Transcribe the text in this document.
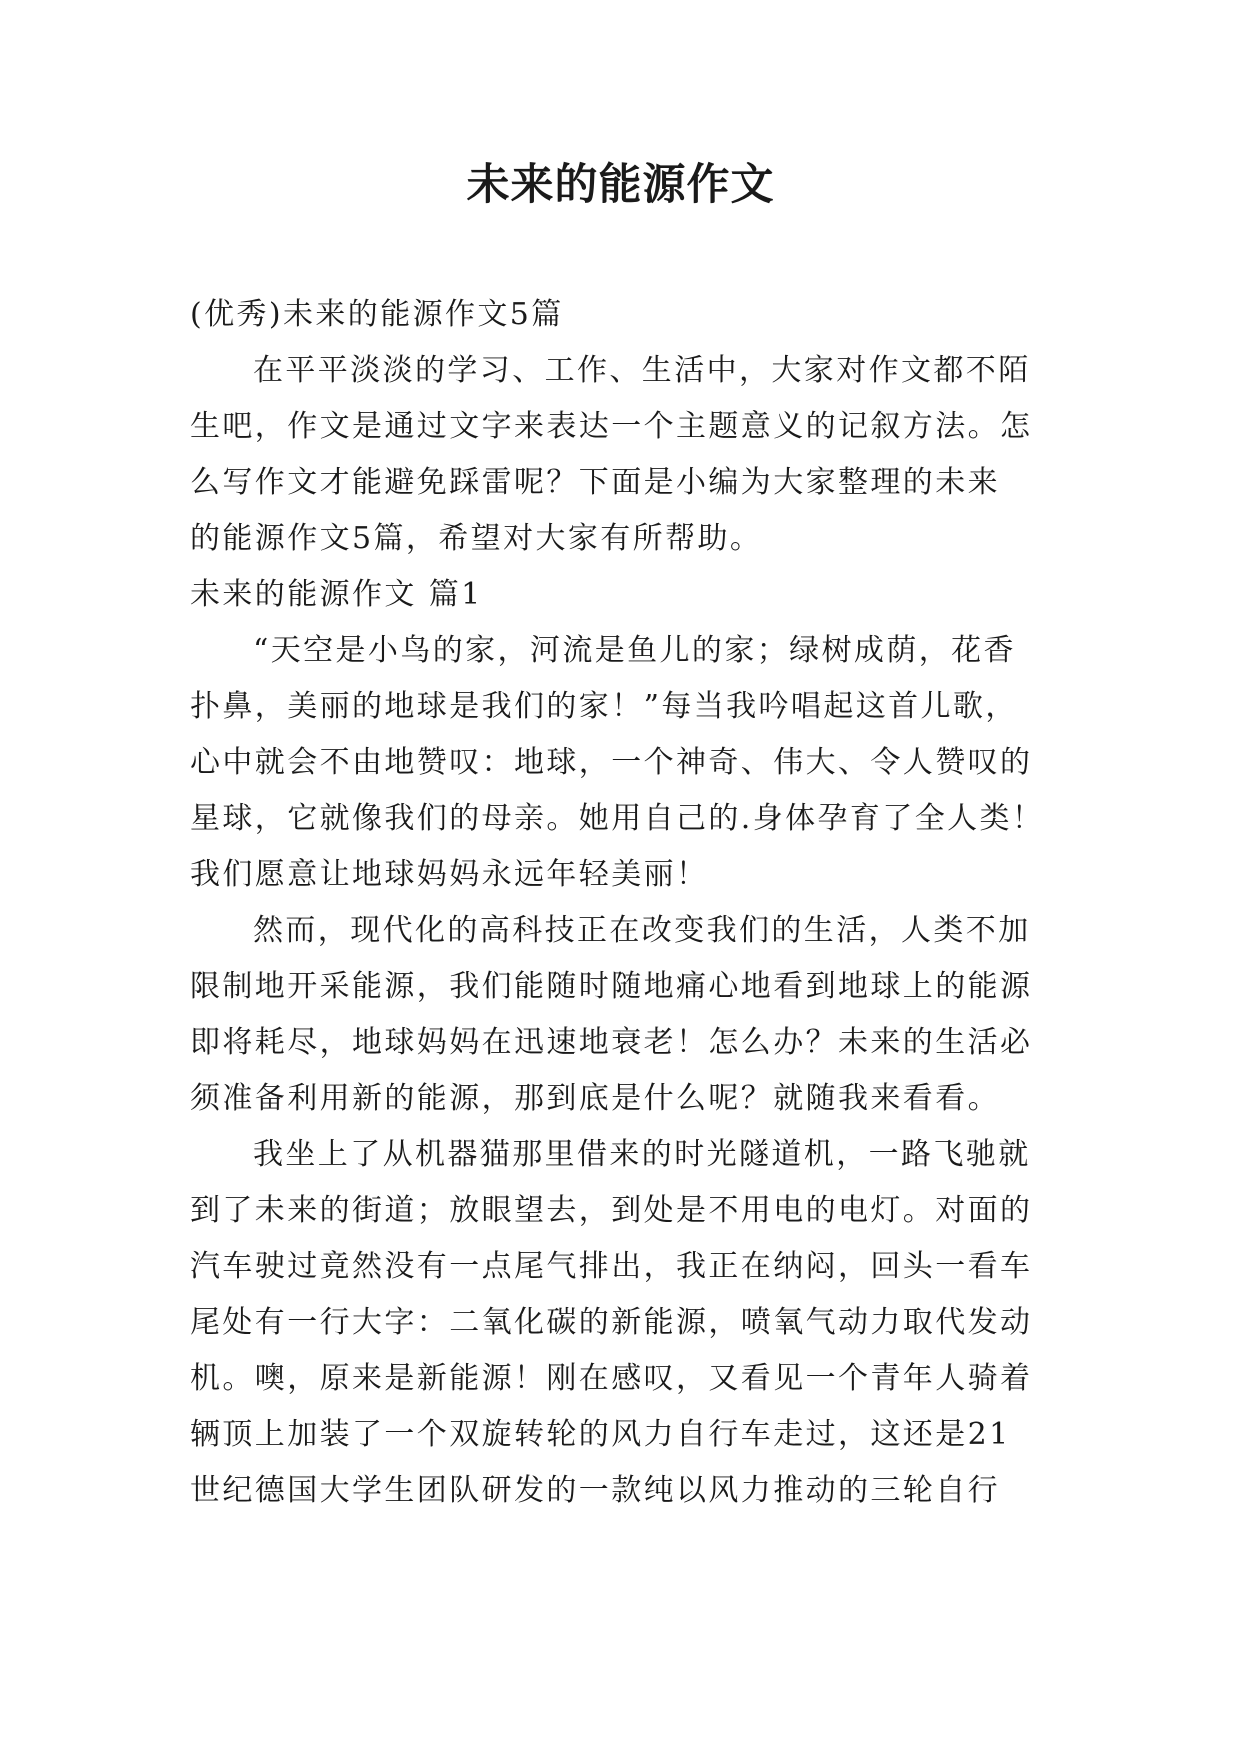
未来的能源作文
(优秀)未来的能源作文5篇
在平平淡淡的学习、工作、生活中，大家对作文都不陌
生吧，作文是通过文字来表达一个主题意义的记叙方法。怎
么写作文才能避免踩雷呢？下面是小编为大家整理的未来
的能源作文5篇，希望对大家有所帮助。
未来的能源作文 篇1
“天空是小鸟的家，河流是鱼儿的家；绿树成荫，花香
扑鼻，美丽的地球是我们的家！”每当我吟唱起这首儿歌，
心中就会不由地赞叹：地球，一个神奇、伟大、令人赞叹的
星球，它就像我们的母亲。她用自己的.身体孕育了全人类！
我们愿意让地球妈妈永远年轻美丽！
然而，现代化的高科技正在改变我们的生活，人类不加
限制地开采能源，我们能随时随地痛心地看到地球上的能源
即将耗尽，地球妈妈在迅速地衰老！怎么办？未来的生活必
须准备利用新的能源，那到底是什么呢？就随我来看看。
我坐上了从机器猫那里借来的时光隧道机，一路飞驰就
到了未来的街道；放眼望去，到处是不用电的电灯。对面的
汽车驶过竟然没有一点尾气排出，我正在纳闷，回头一看车
尾处有一行大字：二氧化碳的新能源，喷氧气动力取代发动
机。噢，原来是新能源！刚在感叹，又看见一个青年人骑着
辆顶上加装了一个双旋转轮的风力自行车走过，这还是21
世纪德国大学生团队研发的一款纯以风力推动的三轮自行
